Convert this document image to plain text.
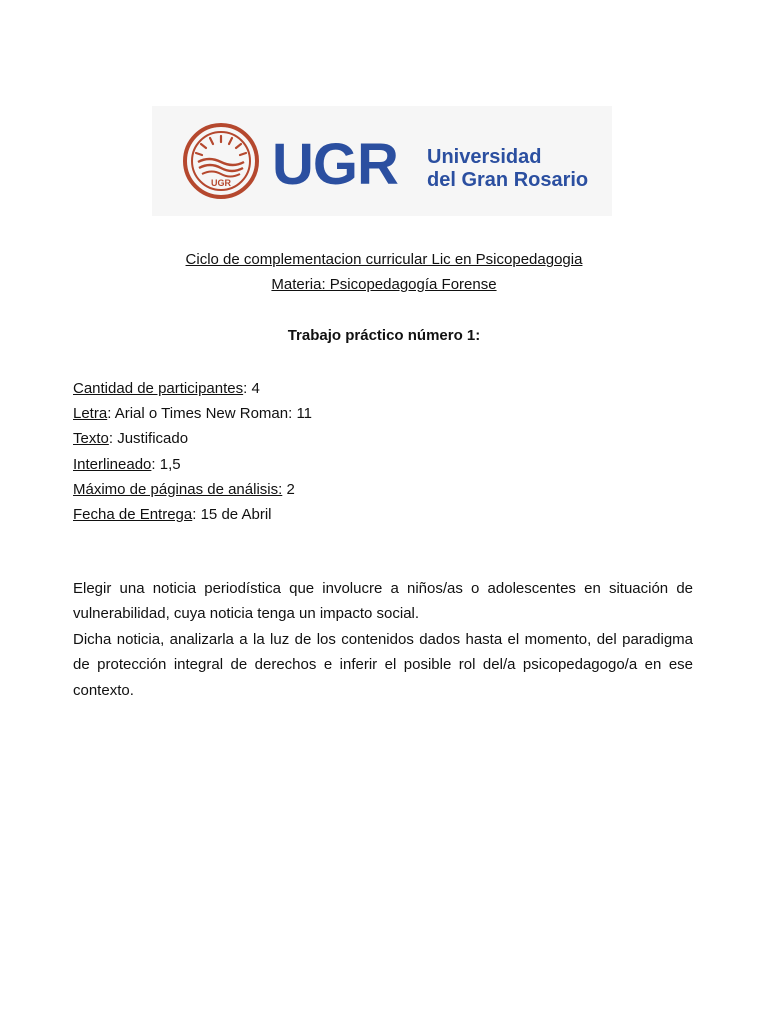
UGR UGR Universidad
del Gran Rosario
Ciclo de complementacion curricular Lic en Psicopedagogia
Materia: Psicopedagogía Forense
Trabajo práctico número 1:
Cantidad de participantes: 4
Letra: Arial o Times New Roman: 11
Texto: Justificado
Interlineado: 1,5
Máximo de páginas de análisis: 2
Fecha de Entrega: 15 de Abril

Elegir una noticia periodística que involucre a niños/as o adolescentes en situación de vulnerabilidad, cuya noticia tenga un impacto social.

Dicha noticia, analizarla a la luz de los contenidos dados hasta el momento, del paradigma de protección integral de derechos e inferir el posible rol del/a psicopedagogo/a en ese contexto.
